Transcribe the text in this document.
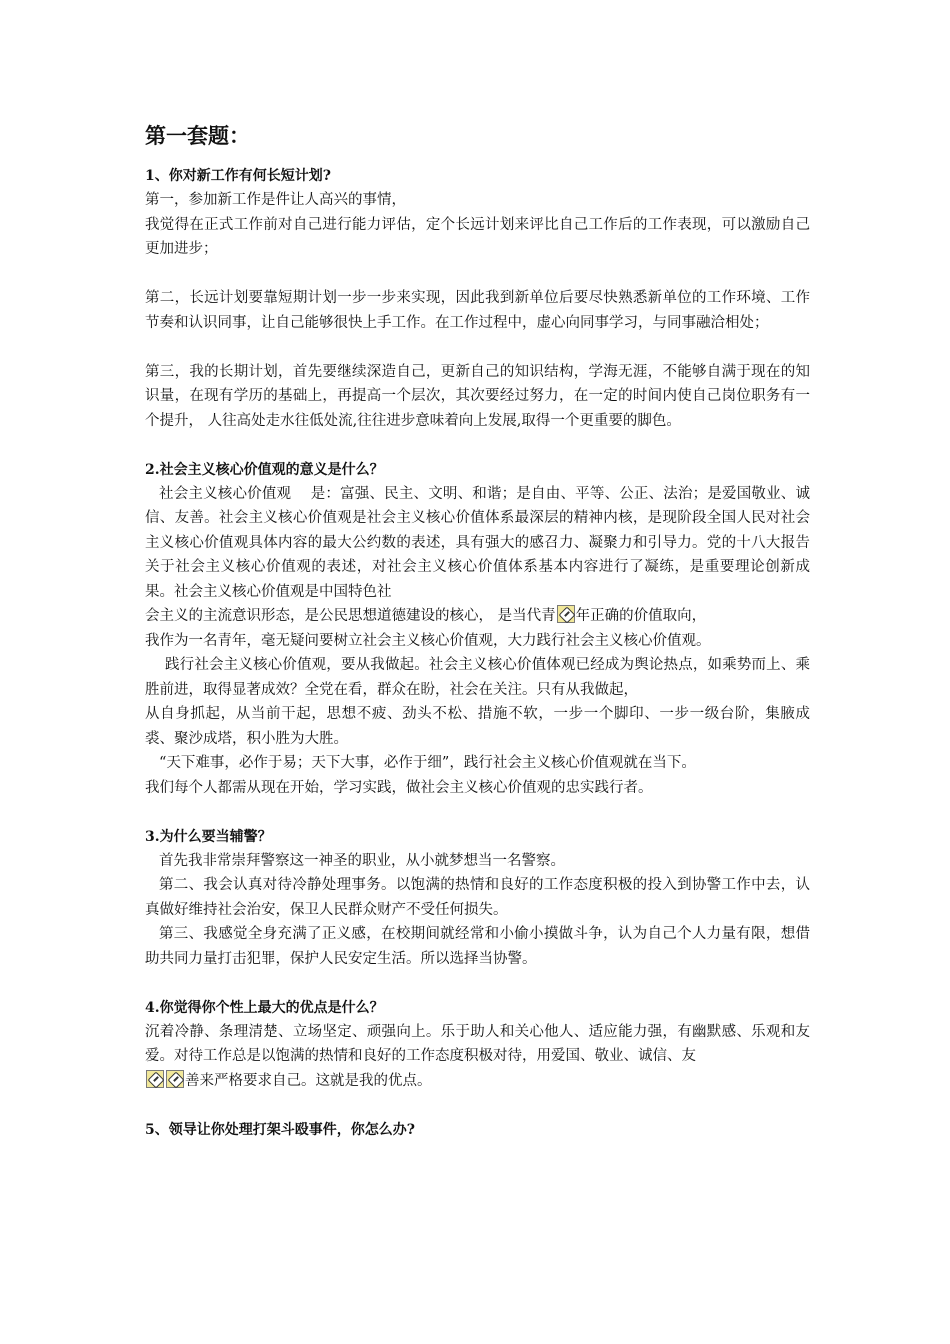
第一套题：
1、你对新工作有何长短计划?
第一，参加新工作是件让人高兴的事情，
我觉得在正式工作前对自己进行能力评估，定个长远计划来评比自己工作后的工作表现，可以激励自己更加进步；
第二，长远计划要靠短期计划一步一步来实现，因此我到新单位后要尽快熟悉新单位的工作环境、工作节奏和认识同事，让自己能够很快上手工作。在工作过程中，虚心向同事学习，与同事融洽相处；
第三，我的长期计划，首先要继续深造自己，更新自己的知识结构，学海无涯，不能够自满于现在的知识量，在现有学历的基础上，再提高一个层次，其次要经过努力，在一定的时间内使自己岗位职务有一个提升， 人往高处走水往低处流,往往进步意味着向上发展,取得一个更重要的脚色。
2.社会主义核心价值观的意义是什么？
社会主义核心价值观　 是：富强、民主、文明、和谐；是自由、平等、公正、法治；是爱国敬业、诚信、友善。社会主义核心价值观是社会主义核心价值体系最深层的精神内核，是现阶段全国人民对社会主义核心价值观具体内容的最大公约数的表述，具有强大的感召力、凝聚力和引导力。党的十八大报告关于社会主义核心价值观的表述，对社会主义核心价值体系基本内容进行了凝练，是重要理论创新成果。社会主义核心价值观是中国特色社
会主义的主流意识形态，是公民思想道德建设的核心， 是当代青 年正确的价值取向，
我作为一名青年，毫无疑问要树立社会主义核心价值观，大力践行社会主义核心价值观。
践行社会主义核心价值观，要从我做起。社会主义核心价值体观已经成为舆论热点，如乘势而上、乘胜前进，取得显著成效？全党在看，群众在盼，社会在关注。只有从我做起，
从自身抓起，从当前干起，思想不疲、劲头不松、措施不软，一步一个脚印、一步一级台阶，集腋成裘、聚沙成塔，积小胜为大胜。
“天下难事，必作于易；天下大事，必作于细”，践行社会主义核心价值观就在当下。
我们每个人都需从现在开始，学习实践，做社会主义核心价值观的忠实践行者。
3.为什么要当辅警？
首先我非常崇拜警察这一神圣的职业，从小就梦想当一名警察。
第二、我会认真对待冷静处理事务。以饱满的热情和良好的工作态度积极的投入到协警工作中去，认真做好维持社会治安，保卫人民群众财产不受任何损失。
第三、我感觉全身充满了正义感，在校期间就经常和小偷小摸做斗争，认为自己个人力量有限，想借助共同力量打击犯罪，保护人民安定生活。所以选择当协警。
4.你觉得你个性上最大的优点是什么？
沉着冷静、条理清楚、立场坚定、顽强向上。乐于助人和关心他人、适应能力强，有幽默感、乐观和友爱。对待工作总是以饱满的热情和良好的工作态度积极对待，用爱国、敬业、诚信、友
善来严格要求自己。这就是我的优点。
5、领导让你处理打架斗殴事件，你怎么办?
